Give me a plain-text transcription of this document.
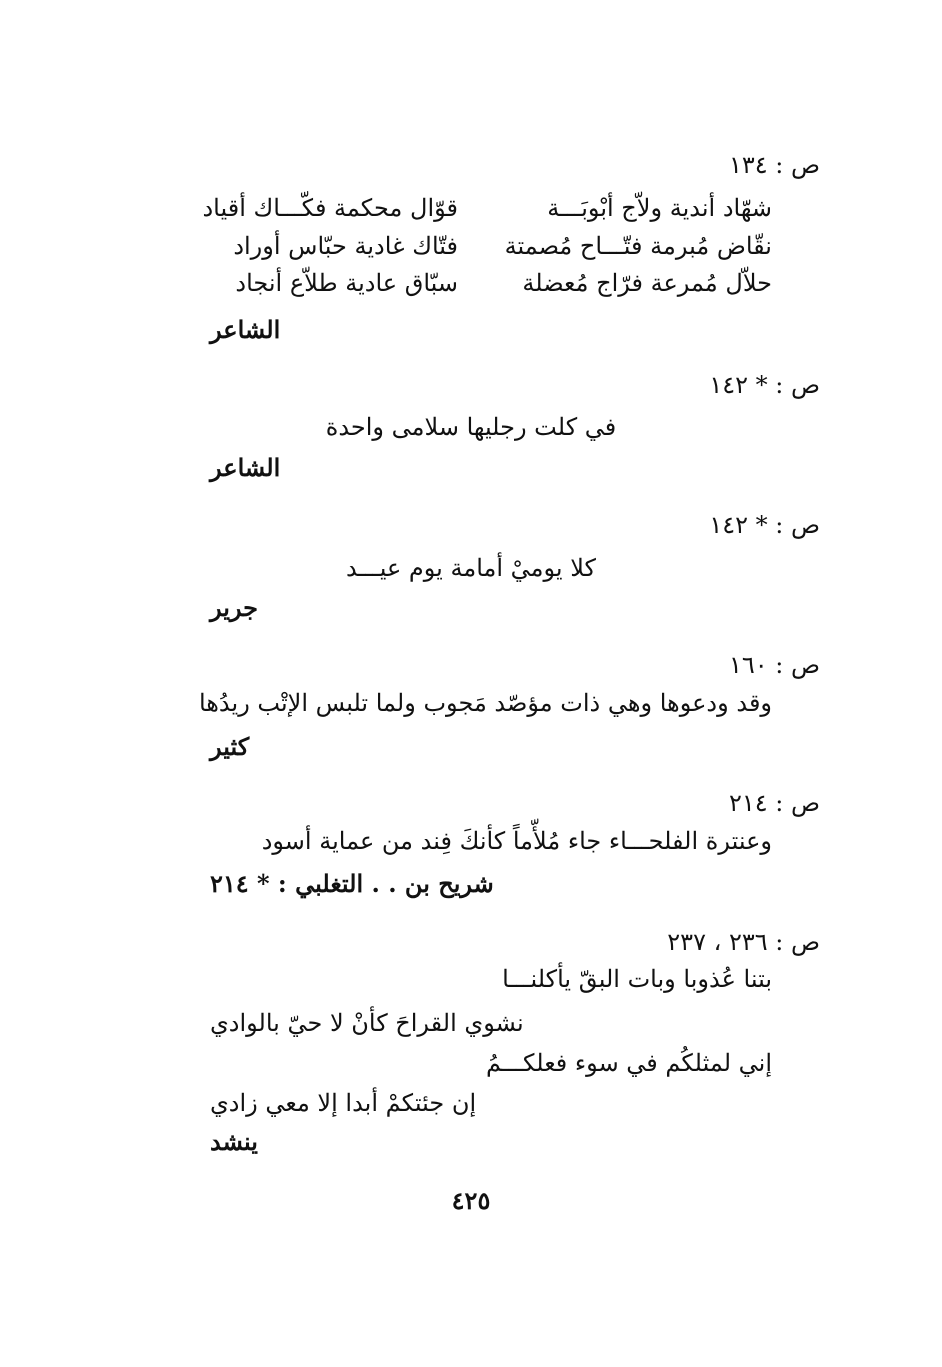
ص : ١٣٤
شهّاد أندية ولاّج أبْوبَـــة
قوّال محكمة فكّـــاك أقياد
نقّاض مُبرمة فتّـــاح مُصمتة
فتّاك غادية حبّاس أوراد
حلاّل مُمرعة فرّاج مُعضلة
سبّاق عادية طلاّع أنجاد
الشاعر
ص : * ١٤٢
في كلت رجليها سلامى واحدة
الشاعر
ص : * ١٤٢
كلا يوميْ أمامة يوم عيـــد
جرير
ص : ١٦٠
وقد ودعوها وهي ذات مؤصّد مَجوب ولما تلبس الإتْب ريدُها
كثير
ص : ٢١٤
وعنترة الفلحـــاء جاء مُلأّماً كأنكَ فِند من عماية أسود
شريح بن . . التغلبي : * ٢١٤
ص : ٢٣٦ ، ٢٣٧
بتنا عُذوبا وبات البقّ يأكلنـــا
نشوي القراحَ كأنْ لا حيّ بالوادي
إني لمثلكُم في سوء فعلكـــمُ
إن جئتكمْ أبدا إلا معي زادي
ينشد
٤٢٥
